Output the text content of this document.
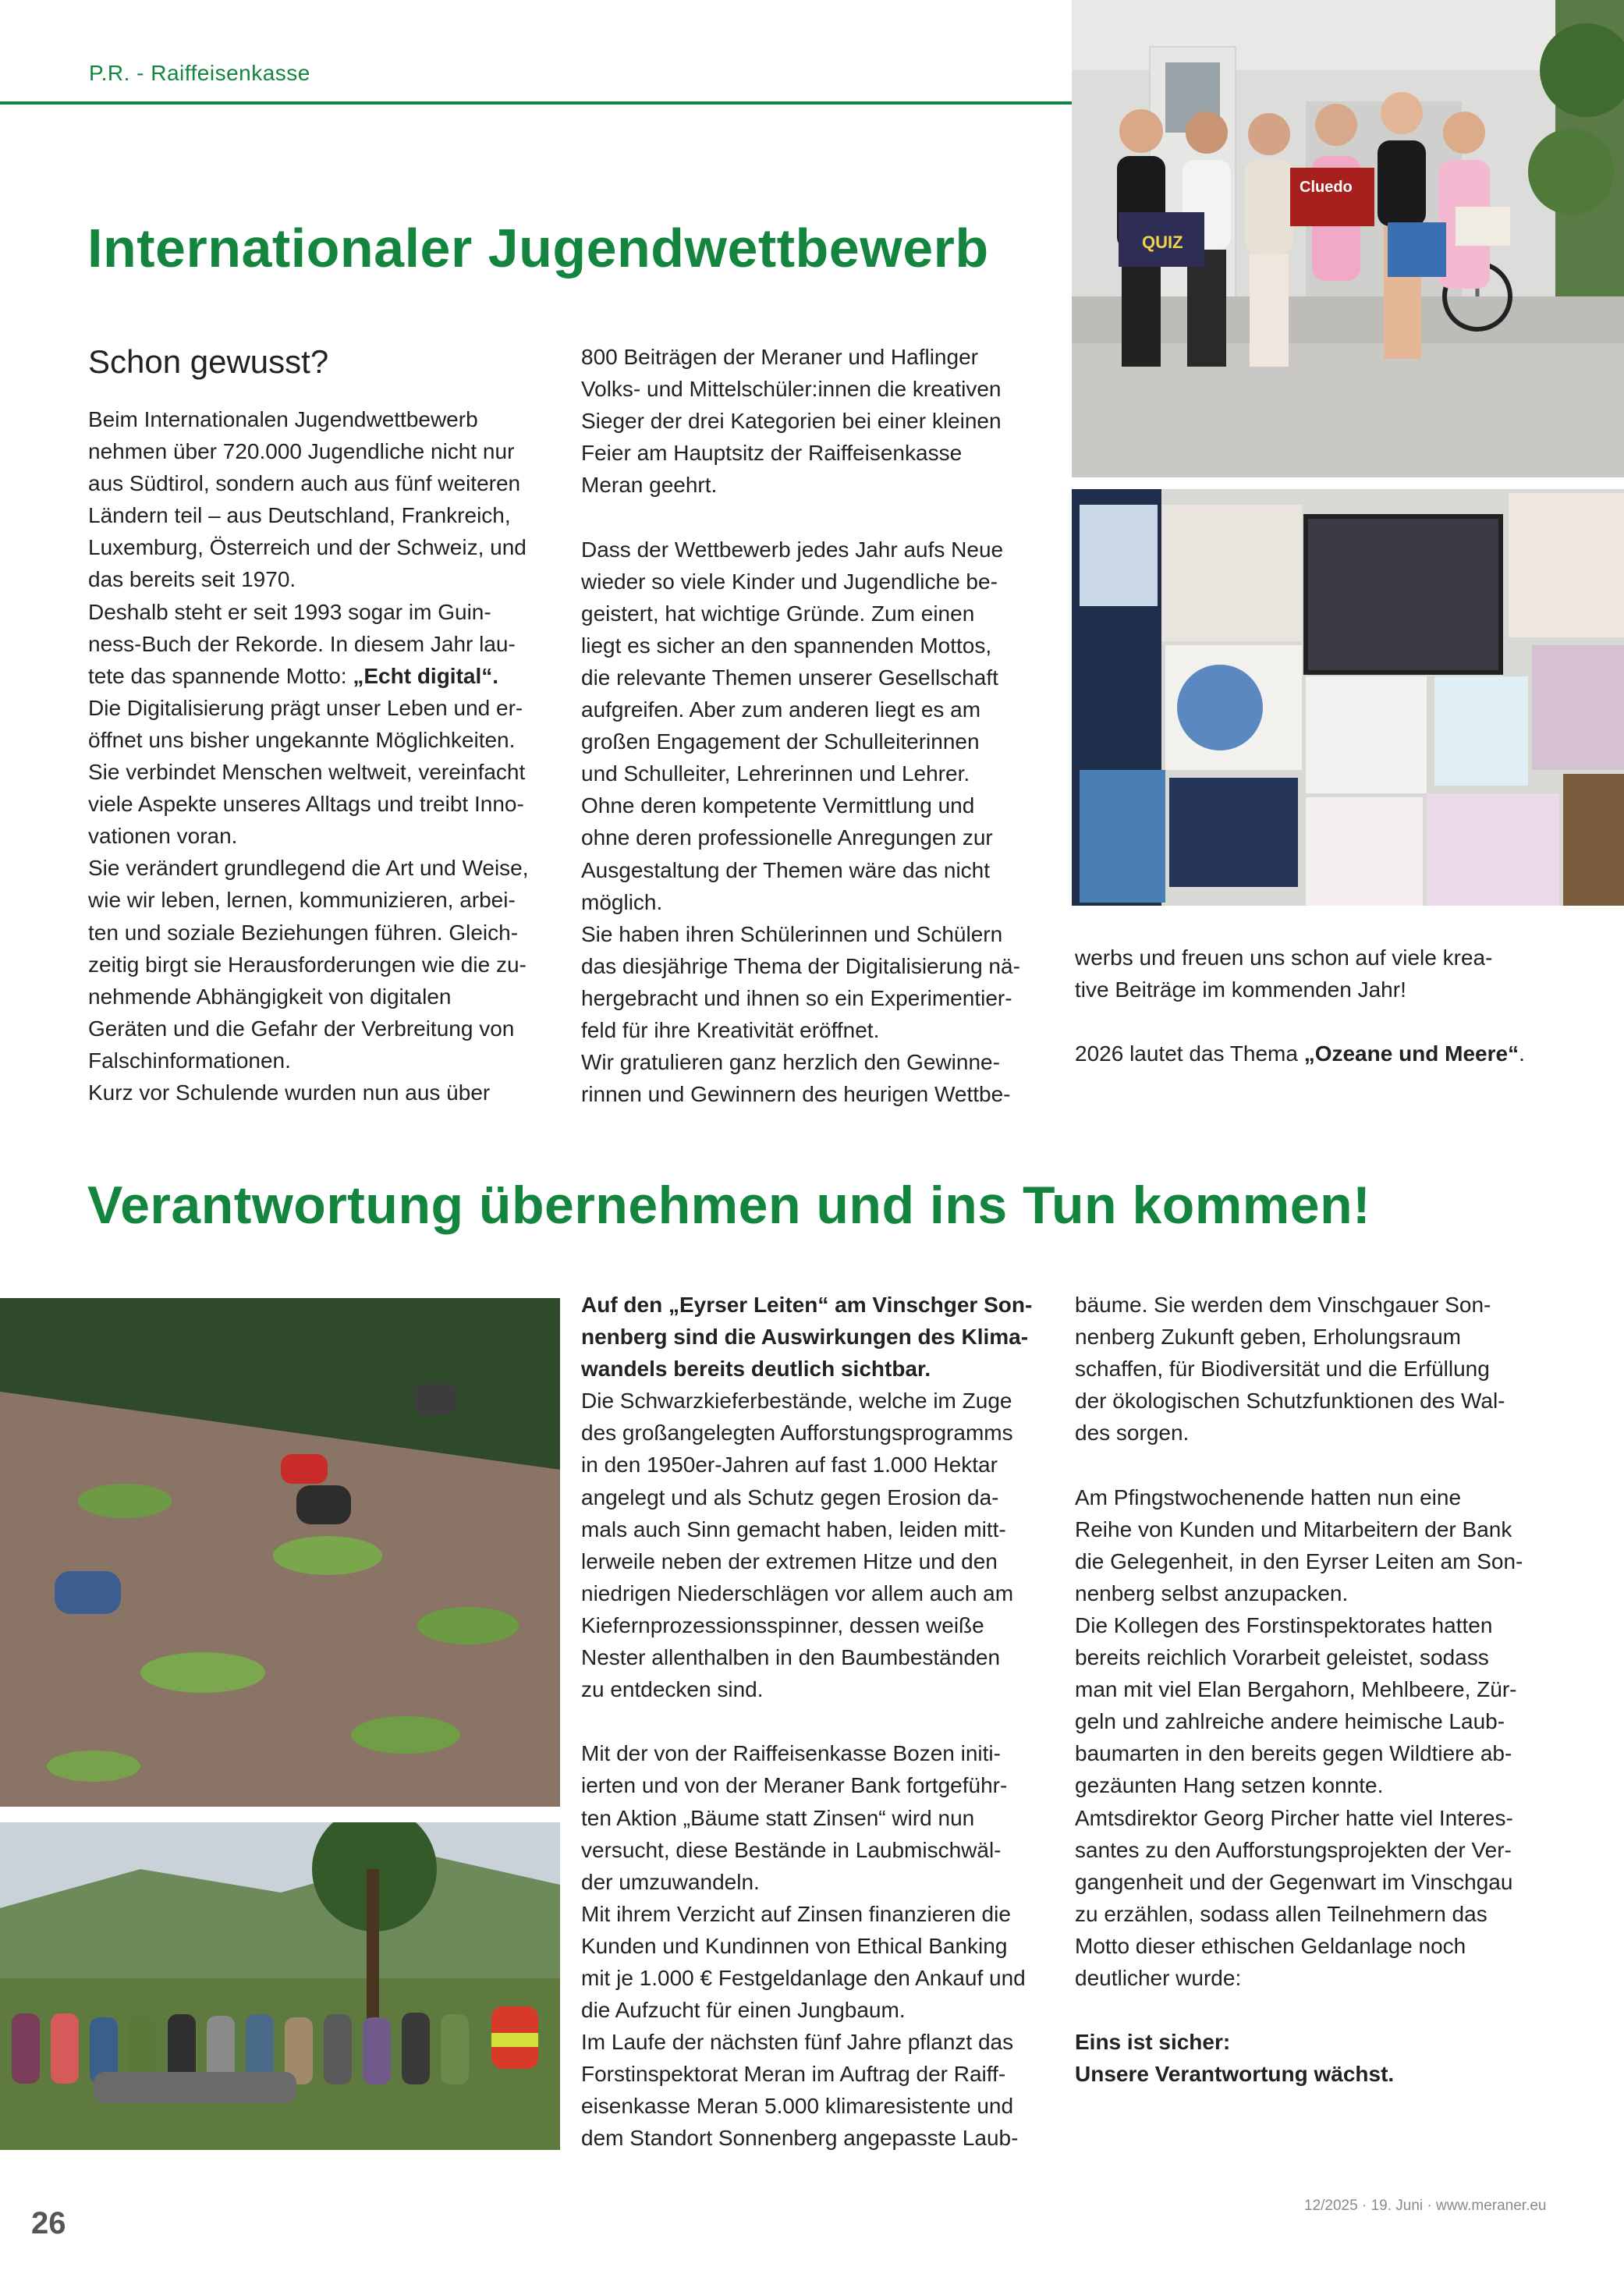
P.R. - Raiffeisenkasse
Internationaler Jugendwettbewerb
Schon gewusst?
Beim Internationalen Jugendwettbewerb
nehmen über 720.000 Jugendliche nicht nur
aus Südtirol, sondern auch aus fünf weiteren
Ländern teil – aus Deutschland, Frankreich,
Luxemburg, Österreich und der Schweiz, und
das bereits seit 1970.
Deshalb steht er seit 1993 sogar im Guin-
ness-Buch der Rekorde. In diesem Jahr lau-
tete das spannende Motto: „Echt digital“.
Die Digitalisierung prägt unser Leben und er-
öffnet uns bisher ungekannte Möglichkeiten.
Sie verbindet Menschen weltweit, vereinfacht
viele Aspekte unseres Alltags und treibt Inno-
vationen voran.
Sie verändert grundlegend die Art und Weise,
wie wir leben, lernen, kommunizieren, arbei-
ten und soziale Beziehungen führen. Gleich-
zeitig birgt sie Herausforderungen wie die zu-
nehmende Abhängigkeit von digitalen
Geräten und die Gefahr der Verbreitung von
Falschinformationen.
Kurz vor Schulende wurden nun aus über
800 Beiträgen der Meraner und Haflinger
Volks- und Mittelschüler:innen die kreativen
Sieger der drei Kategorien bei einer kleinen
Feier am Hauptsitz der Raiffeisenkasse
Meran geehrt.

Dass der Wettbewerb jedes Jahr aufs Neue
wieder so viele Kinder und Jugendliche be-
geistert, hat wichtige Gründe. Zum einen
liegt es sicher an den spannenden Mottos,
die relevante Themen unserer Gesellschaft
aufgreifen. Aber zum anderen liegt es am
großen Engagement der Schulleiterinnen
und Schulleiter, Lehrerinnen und Lehrer.
Ohne deren kompetente Vermittlung und
ohne deren professionelle Anregungen zur
Ausgestaltung der Themen wäre das nicht
möglich.
Sie haben ihren Schülerinnen und Schülern
das diesjährige Thema der Digitalisierung nä-
hergebracht und ihnen so ein Experimentier-
feld für ihre Kreativität eröffnet.
Wir gratulieren ganz herzlich den Gewinne-
rinnen und Gewinnern des heurigen Wettbe-
werbs und freuen uns schon auf viele krea-
tive Beiträge im kommenden Jahr!

2026 lautet das Thema „Ozeane und Meere“.
QUIZ
Cluedo
Verantwortung übernehmen und ins Tun kommen!
Auf den „Eyrser Leiten“ am Vinschger Son-
nenberg sind die Auswirkungen des Klima-
wandels bereits deutlich sichtbar.
Die Schwarzkieferbestände, welche im Zuge
des großangelegten Aufforstungsprogramms
in den 1950er-Jahren auf fast 1.000 Hektar
angelegt und als Schutz gegen Erosion da-
mals auch Sinn gemacht haben, leiden mitt-
lerweile neben der extremen Hitze und den
niedrigen Niederschlägen vor allem auch am
Kiefernprozessionsspinner, dessen weiße
Nester allenthalben in den Baumbeständen
zu entdecken sind.

Mit der von der Raiffeisenkasse Bozen initi-
ierten und von der Meraner Bank fortgeführ-
ten Aktion „Bäume statt Zinsen“ wird nun
versucht, diese Bestände in Laubmischwäl-
der umzuwandeln.
Mit ihrem Verzicht auf Zinsen finanzieren die
Kunden und Kundinnen von Ethical Banking
mit je 1.000 € Festgeldanlage den Ankauf und
die Aufzucht für einen Jungbaum.
Im Laufe der nächsten fünf Jahre pflanzt das
Forstinspektorat Meran im Auftrag der Raiff-
eisenkasse Meran 5.000 klimaresistente und
dem Standort Sonnenberg angepasste Laub-
bäume. Sie werden dem Vinschgauer Son-
nenberg Zukunft geben, Erholungsraum
schaffen, für Biodiversität und die Erfüllung
der ökologischen Schutzfunktionen des Wal-
des sorgen.

Am Pfingstwochenende hatten nun eine
Reihe von Kunden und Mitarbeitern der Bank
die Gelegenheit, in den Eyrser Leiten am Son-
nenberg selbst anzupacken.
Die Kollegen des Forstinspektorates hatten
bereits reichlich Vorarbeit geleistet, sodass
man mit viel Elan Bergahorn, Mehlbeere, Zür-
geln und zahlreiche andere heimische Laub-
baumarten in den bereits gegen Wildtiere ab-
gezäunten Hang setzen konnte.
Amtsdirektor Georg Pircher hatte viel Interes-
santes zu den Aufforstungsprojekten der Ver-
gangenheit und der Gegenwart im Vinschgau
zu erzählen, sodass allen Teilnehmern das
Motto dieser ethischen Geldanlage noch
deutlicher wurde:

Eins ist sicher:
Unsere Verantwortung wächst.
26
12/2025 · 19. Juni · www.meraner.eu
